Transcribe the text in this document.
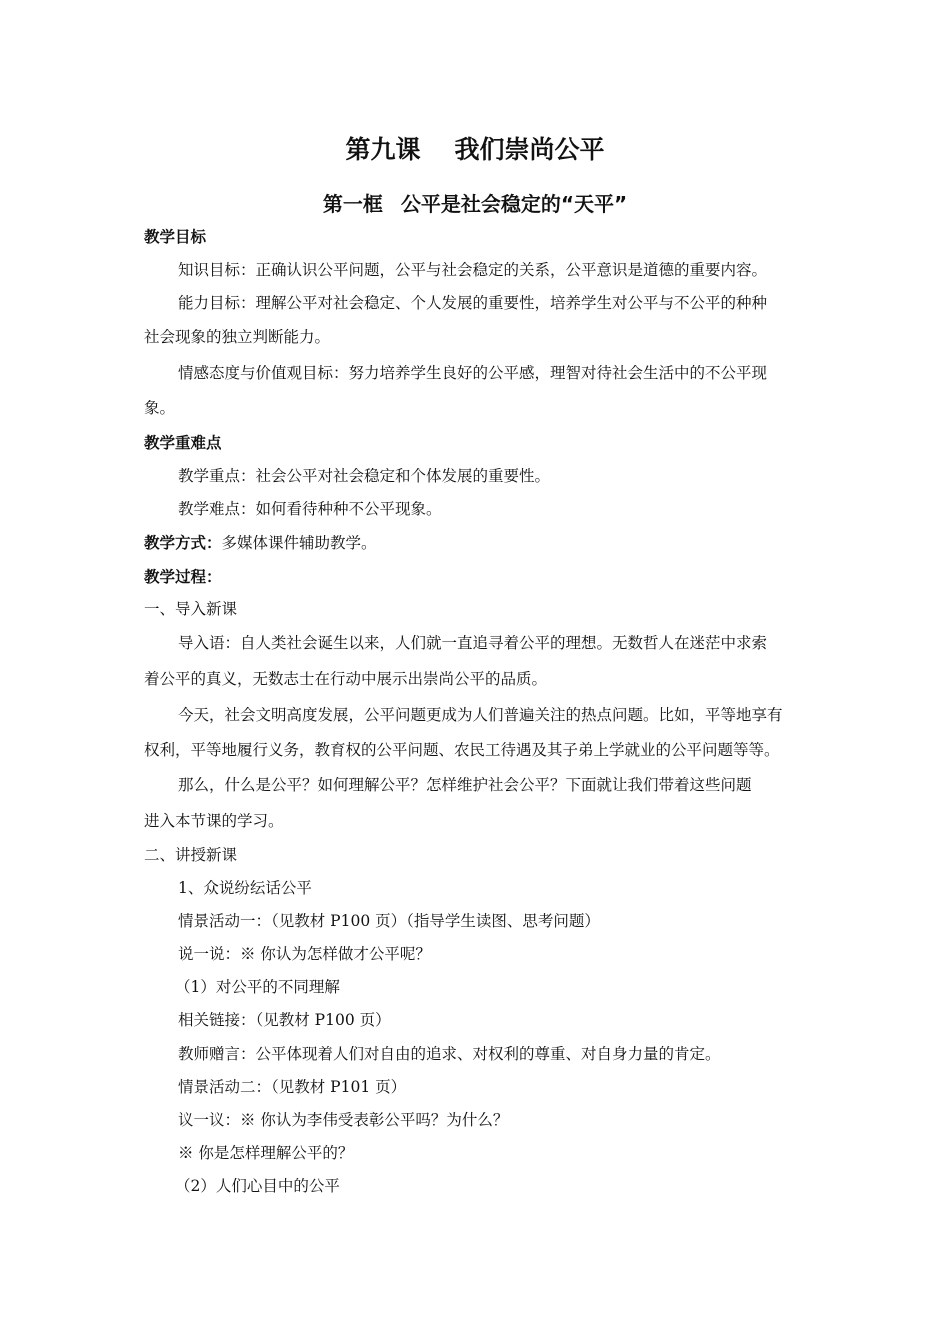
第九课 我们崇尚公平
第一框 公平是社会稳定的“天平”
教学目标
知识目标：正确认识公平问题，公平与社会稳定的关系，公平意识是道德的重要内容。
能力目标：理解公平对社会稳定、个人发展的重要性，培养学生对公平与不公平的种种
社会现象的独立判断能力。
情感态度与价值观目标：努力培养学生良好的公平感，理智对待社会生活中的不公平现
象。
教学重难点
教学重点：社会公平对社会稳定和个体发展的重要性。
教学难点：如何看待种种不公平现象。
教学方式：多媒体课件辅助教学。
教学过程：
一、导入新课
导入语：自人类社会诞生以来，人们就一直追寻着公平的理想。无数哲人在迷茫中求索
着公平的真义，无数志士在行动中展示出崇尚公平的品质。
今天，社会文明高度发展，公平问题更成为人们普遍关注的热点问题。比如，平等地享有
权利，平等地履行义务，教育权的公平问题、农民工待遇及其子弟上学就业的公平问题等等。
那么，什么是公平？如何理解公平？怎样维护社会公平？下面就让我们带着这些问题
进入本节课的学习。
二、讲授新课
1、众说纷纭话公平
情景活动一：（见教材 P100 页）（指导学生读图、思考问题）
说一说：※ 你认为怎样做才公平呢？
（1）对公平的不同理解
相关链接：（见教材 P100 页）
教师赠言：公平体现着人们对自由的追求、对权利的尊重、对自身力量的肯定。
情景活动二：（见教材 P101 页）
议一议：※ 你认为李伟受表彰公平吗？为什么？
※ 你是怎样理解公平的？
（2）人们心目中的公平
